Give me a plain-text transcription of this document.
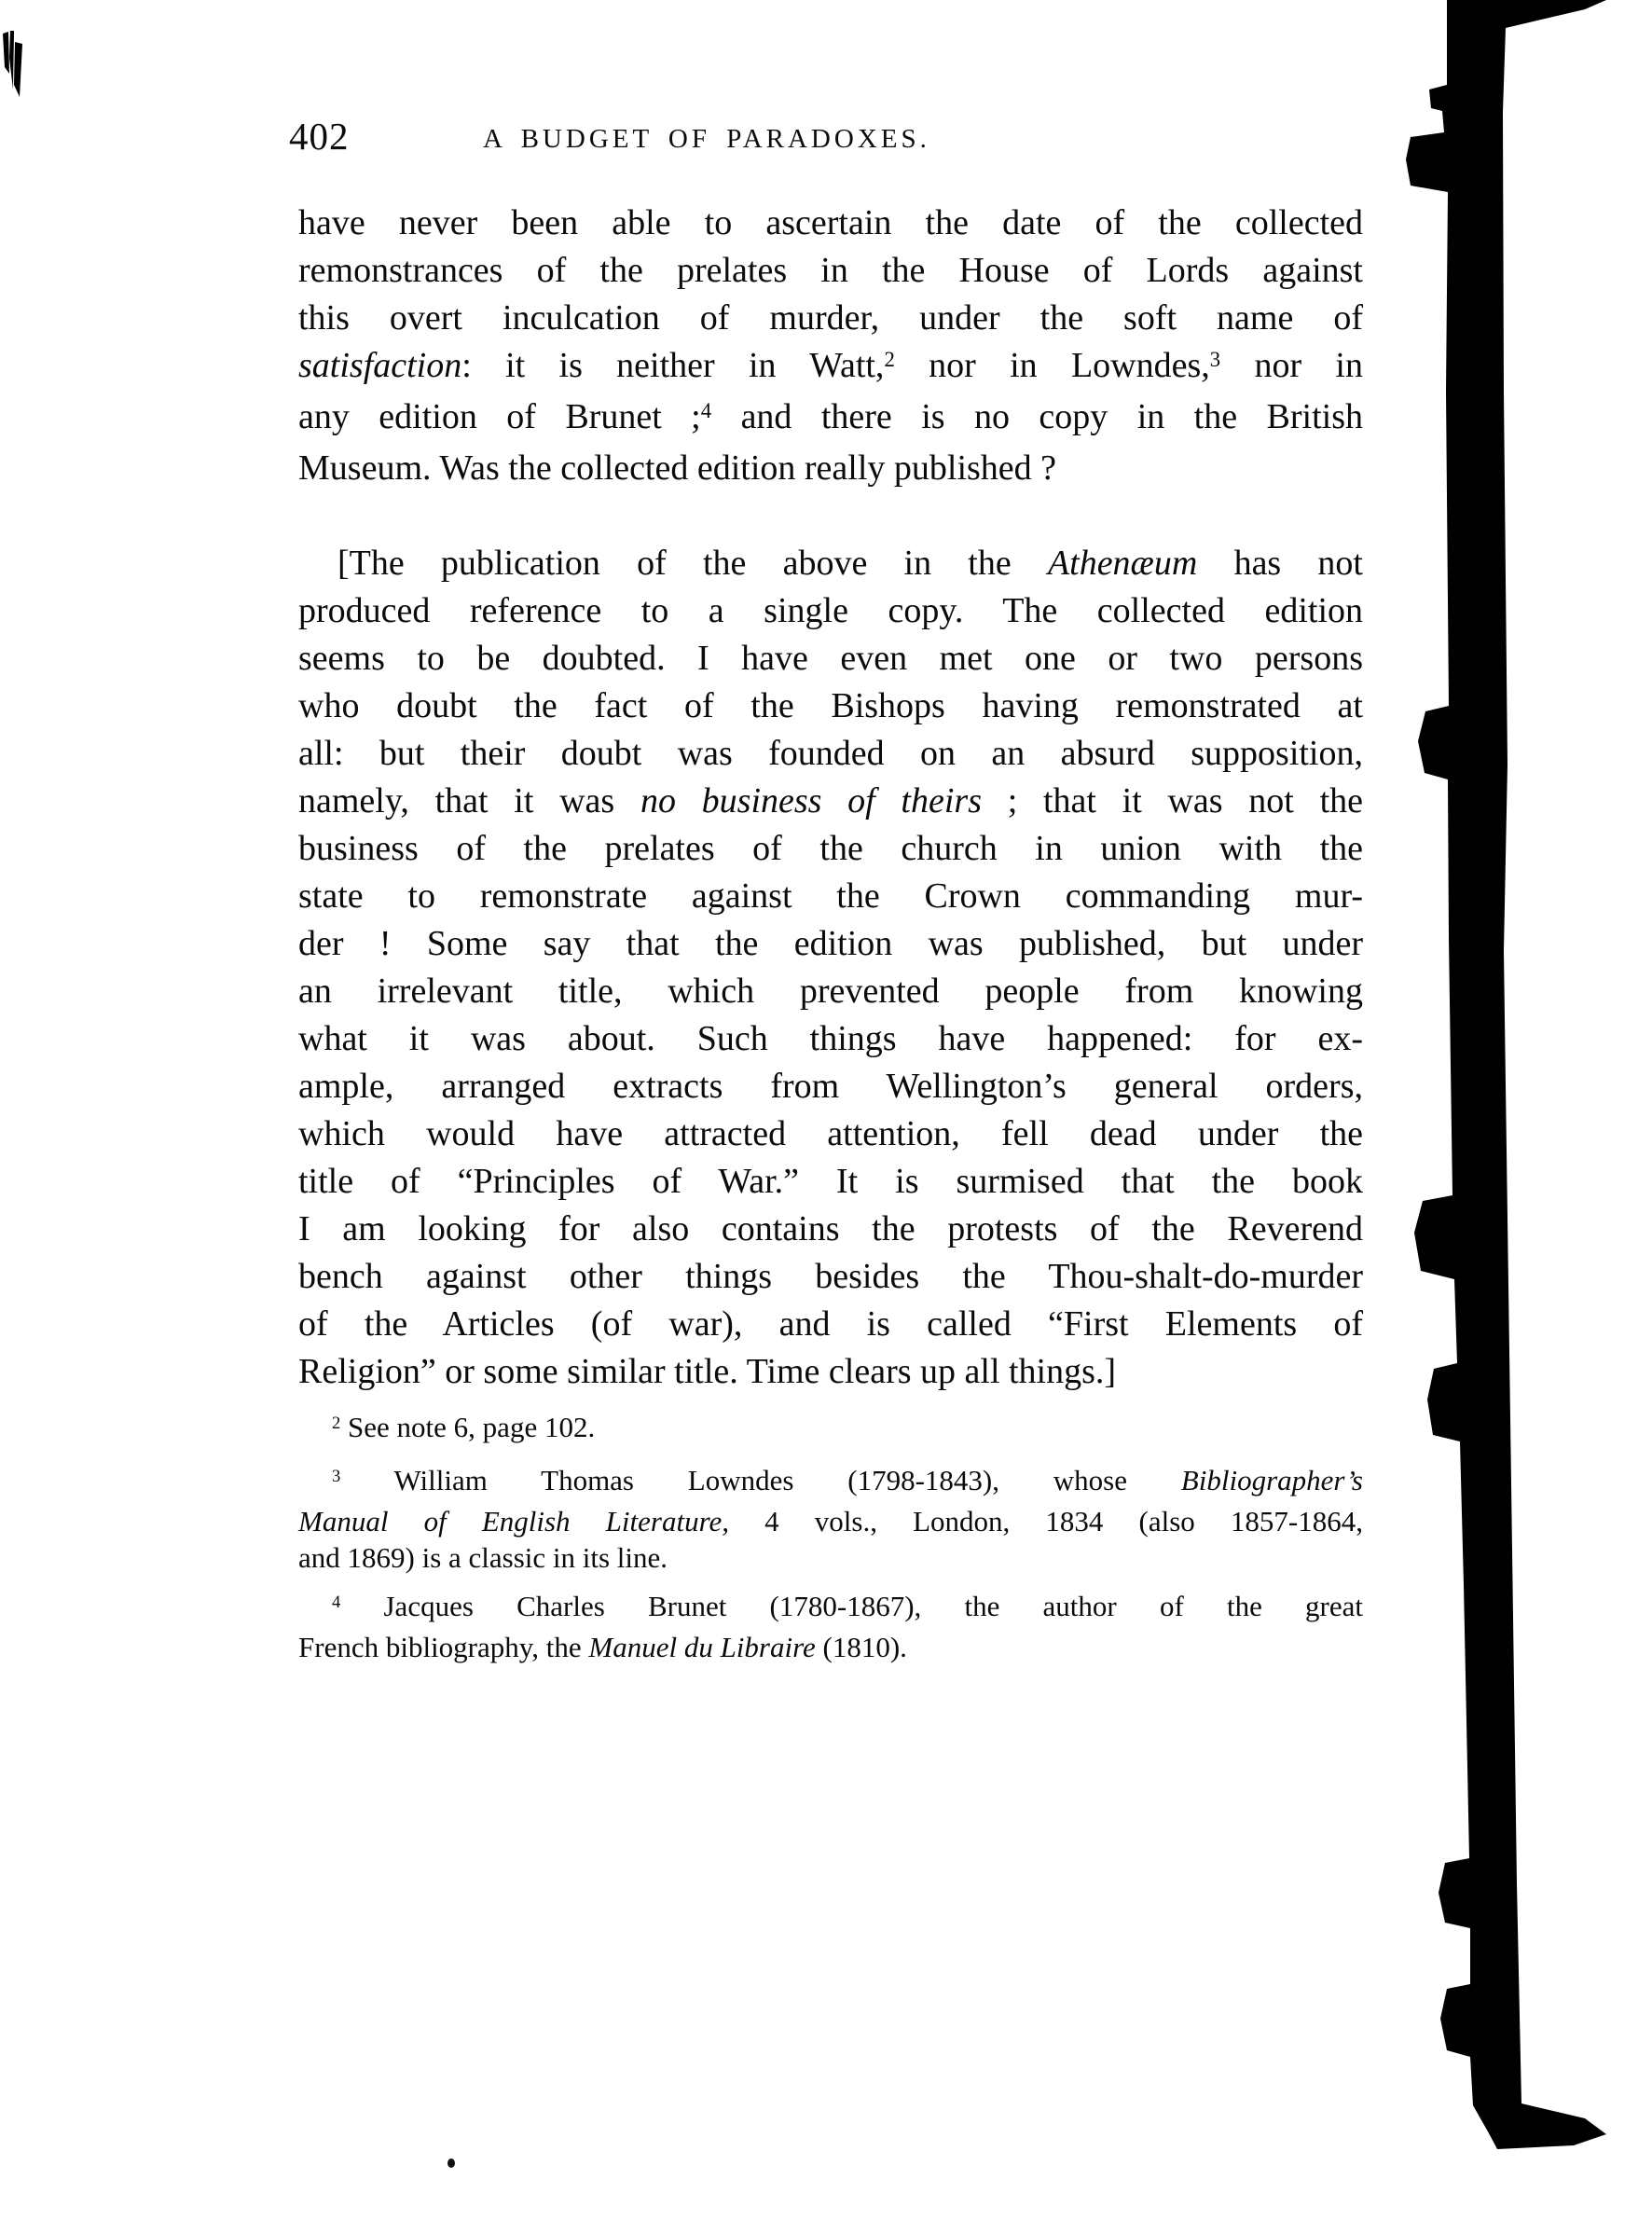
402	A BUDGET OF PARADOXES.
have never been able to ascertain the date of the collected
remonstrances of the prelates in the House of Lords against
this overt inculcation of murder, under the soft name of
satisfaction: it is neither in Watt,$^2$ nor in Lowndes,$^3$ nor in
any edition of Brunet ;$^4$ and there is no copy in the British
Museum. Was the collected edition really published ?
[The publication of the above in the Athenæum has not
produced reference to a single copy. The collected edition
seems to be doubted. I have even met one or two persons
who doubt the fact of the Bishops having remonstrated at
all: but their doubt was founded on an absurd supposition,
namely, that it was no business of theirs ; that it was not the
business of the prelates of the church in union with the
state to remonstrate against the Crown commanding mur-
der ! Some say that the edition was published, but under
an irrelevant title, which prevented people from knowing
what it was about. Such things have happened: for ex-
ample, arranged extracts from Wellington’s general orders,
which would have attracted attention, fell dead under the
title of “Principles of War.” It is surmised that the book
I am looking for also contains the protests of the Reverend
bench against other things besides the Thou-shalt-do-murder
of the Articles (of war), and is called “First Elements of
Religion” or some similar title. Time clears up all things.]
$^2$ See note 6, page 102.
$^3$ William Thomas Lowndes (1798-1843), whose Bibliographer’s
Manual of English Literature, 4 vols., London, 1834 (also 1857-1864,
and 1869) is a classic in its line.
$^4$ Jacques Charles Brunet (1780-1867), the author of the great
French bibliography, the Manuel du Libraire (1810).
